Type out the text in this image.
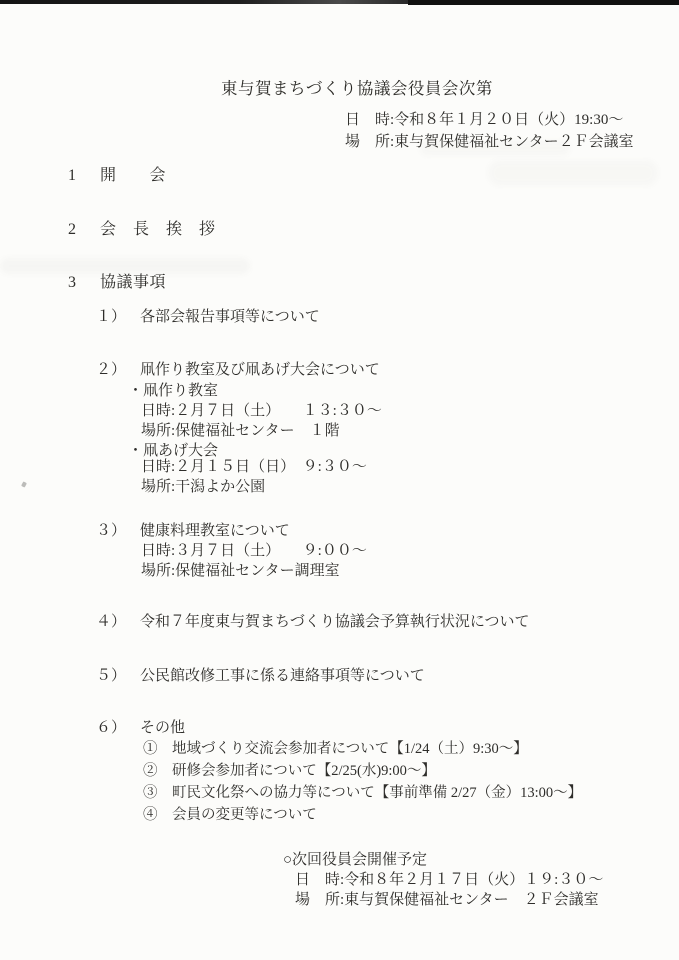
東与賀まちづくり協議会役員会次第
日　時:令和８年１月２０日（火）19:30～
場　所:東与賀保健福祉センター２Ｆ会議室
1 開　　会
2 会　長　挨　拶
3 協議事項
１） 各部会報告事項等について
２） 凧作り教室及び凧あげ大会について
・凧作り教室
日時:２月７日（土）　　１３:３０～
場所:保健福祉センター　１階
・凧あげ大会
日時:２月１５日（日）　９:３０～
場所:干潟よか公園
３） 健康料理教室について
日時:３月７日（土）　　９:００～
場所:保健福祉センター調理室
４） 令和７年度東与賀まちづくり協議会予算執行状況について
５） 公民館改修工事に係る連絡事項等について
６） その他
①　地域づくり交流会参加者について【1/24（土）9:30～】
②　研修会参加者について【2/25(水)9:00～】
③　町民文化祭への協力等について【事前準備 2/27（金）13:00～】
④　会員の変更等について
○次回役員会開催予定
日　時:令和８年２月１７日（火）１９:３０～
場　所:東与賀保健福祉センター　２Ｆ会議室
